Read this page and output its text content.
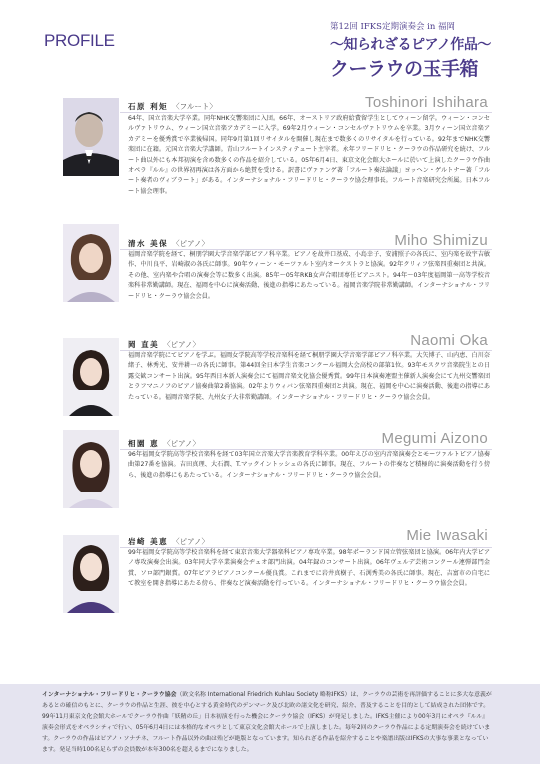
PROFILE
第12回 IFKS定期演奏会 in 福岡
〜知られざるピアノ作品〜
クーラウの玉手箱
Toshinori Ishihara
石原 利矩 〈フルート〉
64年、国立音楽大学卒業。同年NHK交響楽団に入団。66年、オーストリア政府給費留学生としてウィーン留学。ウィーン・コンセルヴァトリウム、ウィーン国立音楽アカデミーに入学。69年2月ウィーン・コンセルヴァトリウムを卒業。3月ウィーン国立音楽アカデミーを優秀賞で卒業後帰国。同年9月第1回リサイタルを開催し現在まで数多くのリサイタルを行っている。92年までNHK交響楽団に在籍。元国立音楽大学講師。青山フルートインスティテュート主宰者。永年フリードリヒ・クーラウの作品研究を続け、フルート曲以外にも本邦初演を含め数多くの作品を紹介している。05年6月4日、東京文化会館大ホールに於いて上演したクーラウ作曲オペラ『ルル』の世界初再演は各方面から絶賛を受ける。訳書にヴァァンゲ著「フルート奏法論議」ヨッヘン・ゲルトナー著「フルート奏者のヴィブラート」がある。インターナショナル・フリードリヒ・クーラウ協会理事長。フルート音楽研究会所属。日本フルート協会理事。
Miho Shimizu
清水 美保 〈ピアノ〉
福岡音楽学院を経て、桐朋学園大学音楽学部ピアノ科卒業。ピアノを故井口基成、小島幸子、安浦照子の各氏に、室内楽を故宇吉敏作、中川良平、岩崎淑の各氏に師事。90年ウィーン・モーツァルト室内オーケストラと協演。92年クリィフ弦楽四重奏団と共演。その他、室内楽や合唱の演奏会等に数多く出演。85年〜05年RKB女声合唱団専任ピアニスト。94年〜03年度福岡第一高等学校音楽科非常勤講師。現在、福岡を中心に演奏活動、後進の指導にあたっている。福岡音楽学院非常勤講師。インターナショナル・フリードリヒ・クーラウ協会会員。
Naomi Oka
岡 直美 〈ピアノ〉
福岡音楽学院にてピアノを学ぶ。福岡女学院高等学校音楽科を経て桐朋学園大学音楽学部ピアノ科卒業。大矢博子、山内恵、白川奈緒子、林秀光、安井耕一の各氏に師事。第44回全日本学生音楽コンクール福岡大会高校の部第1位。93年モスクワ音楽院生との日露交歓コンサート出演。95年西日本新人演奏会にて福岡音楽文化協会優秀賞。99年日本演奏連盟主催新人演奏会にて九州交響楽団とラフマニノフのピアノ協奏曲第2番協演。02年よりウィバン弦楽四重奏団と共演。現在、福岡を中心に演奏活動、後進の指導にあたっている。福岡音楽学院、九州女子大非常勤講師。インターナショナル・フリードリヒ・クーラウ協会会員。
Megumi Aizono
相園 恵 〈ピアノ〉
96年福岡女学院高等学校音楽科を経て03年国立音楽大学音楽教育学科卒業。00年えびの室内音楽演奏会とモーツァルトピアノ協奏曲第27番を協演。吉田真理、大石潤、T.マックイントッシュの各氏に師事。現在、フルートの伴奏など積極的に演奏活動を行う傍ら、後進の指導にもあたっている。インターナショナル・フリードリヒ・クーラウ協会会員。
Mie Iwasaki
岩崎 美恵 〈ピアノ〉
99年福岡女学院高等学校音楽科を経て東京音楽大学器楽科ピアノ専攻卒業。98年ポーランド国立管弦楽団と協演。06年内大学ピアノ専攻演奏会出演。03年同大学卒業演奏会ヂュオ部門出演。04年録のコンサート出演。06年ヴェルデ芸術コンクール連弾部門金賞、ソロ部門銀賞。07年ピアラピアノコンクール優良賞。これまでに岩井真樹子、石渕秀美の各氏に師事。現在、吉富市の自宅にて教室を開き指導にあたる傍ら、伴奏など演奏活動を行っている。インターナショナル・フリードリヒ・クーラウ協会会員。
インターナショナル・フリードリヒ・クーラウ協会（欧文名称 International Friedrich Kuhlau Society 略称IFKS）は、クーラウの芸術を再評価することに多大な意義があるとの確信のもとに、クーラウの作品と生涯、彼を中心とする黄金時代のデンマーク及び北欧の諸文化を研究、紹介、普及することを目的として結成された団体です。
99年11月東京文化会館大ホールでクーラウ作曲「妖精の丘」日本初演を行った機会にクーラウ協会（IFKS）が発足しました。IFKS主催により00年3月にオペラ『ルル』演奏会形式をオペラシティで行い、05年6月4日には本格的なオペラとして東京文化会館大ホールで上演しました。毎年2回のクーラウ作品による定期演奏会を続けています。クーラウの作品はピアノ・ソナチネ、フルート作品以外の曲は殆どが絶版となっています。知られざる作品を紹介することや楽譜出版はIFKSの大事な事業となっています。発足当時100名足らずの会員数が本年300名を超えるまでになりました。
